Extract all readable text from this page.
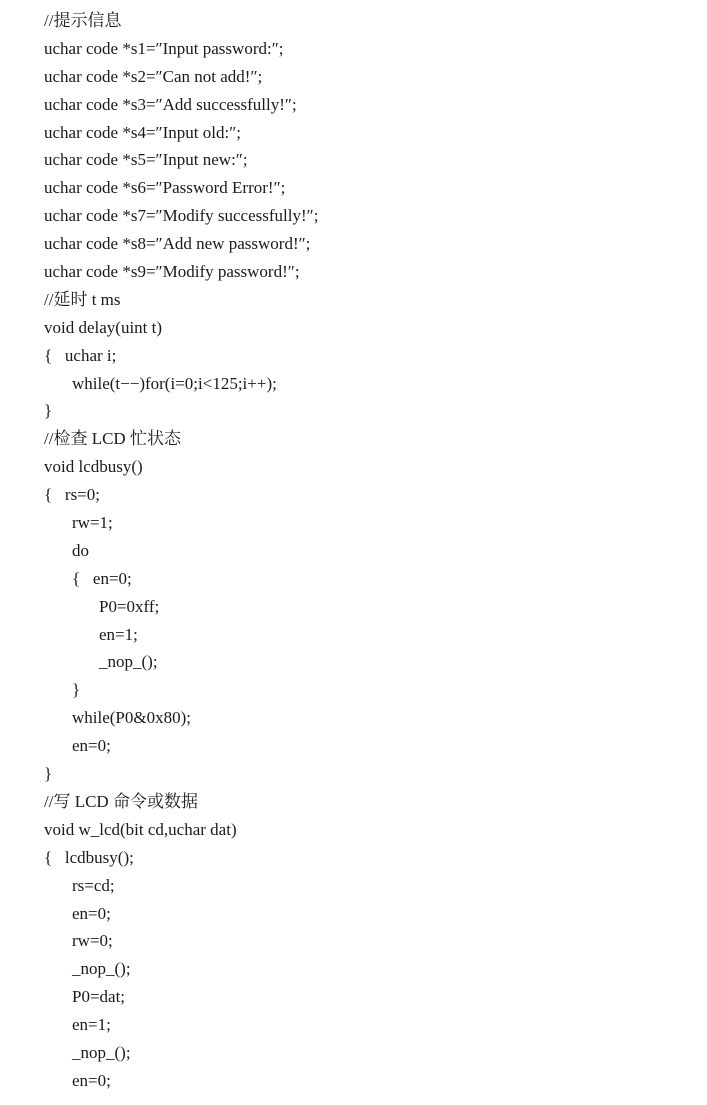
//提示信息
uchar code *s1=″Input password:″;
uchar code *s2=″Can not add!″;
uchar code *s3=″Add successfully!″;
uchar code *s4=″Input old:″;
uchar code *s5=″Input new:″;
uchar code *s6=″Password Error!″;
uchar code *s7=″Modify successfully!″;
uchar code *s8=″Add new password!″;
uchar code *s9=″Modify password!″;
//延时 t ms
void delay(uint t)
{   uchar i;
while(t−−)for(i=0;i<125;i++);
}
//检查 LCD 忙状态
void lcdbusy()
{   rs=0;
rw=1;
do
{   en=0;
P0=0xff;
en=1;
_nop_();
}
while(P0&0x80);
en=0;
}
//写 LCD 命令或数据
void w_lcd(bit cd,uchar dat)
{   lcdbusy();
rs=cd;
en=0;
rw=0;
_nop_();
P0=dat;
en=1;
_nop_();
en=0;
